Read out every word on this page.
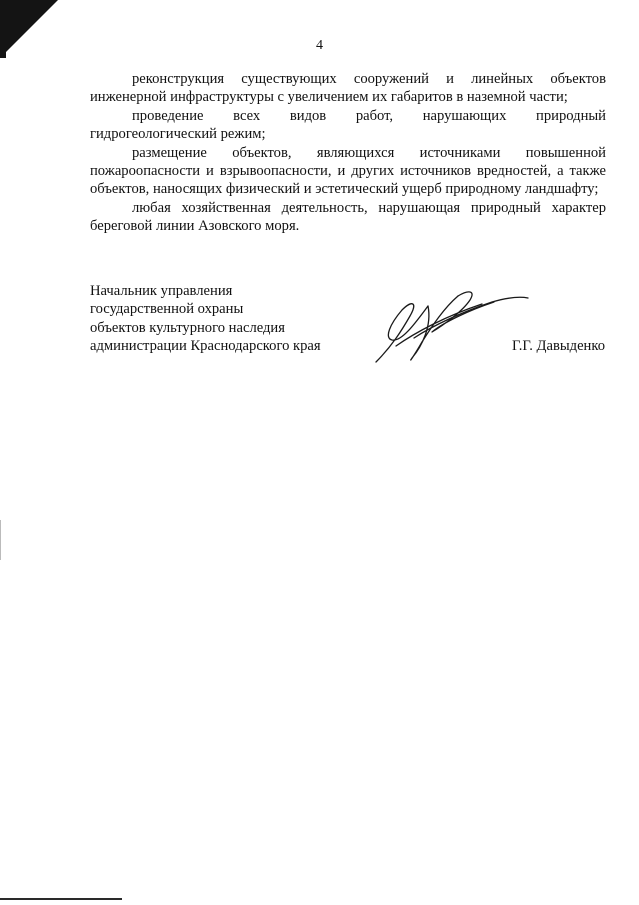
4

реконструкция существующих сооружений и линейных объектов инженерной инфраструктуры с увеличением их габаритов в наземной части;

проведение всех видов работ, нарушающих природный гидрогеологический режим;

размещение объектов, являющихся источниками повышенной пожароопасности и взрывоопасности, и других источников вредностей, а также объектов, наносящих физический и эстетический ущерб природному ландшафту;

любая хозяйственная деятельность, нарушающая природный характер береговой линии Азовского моря.

Начальник управления
государственной охраны
объектов культурного наследия
администрации Краснодарского края	Г.Г. Давыденко
